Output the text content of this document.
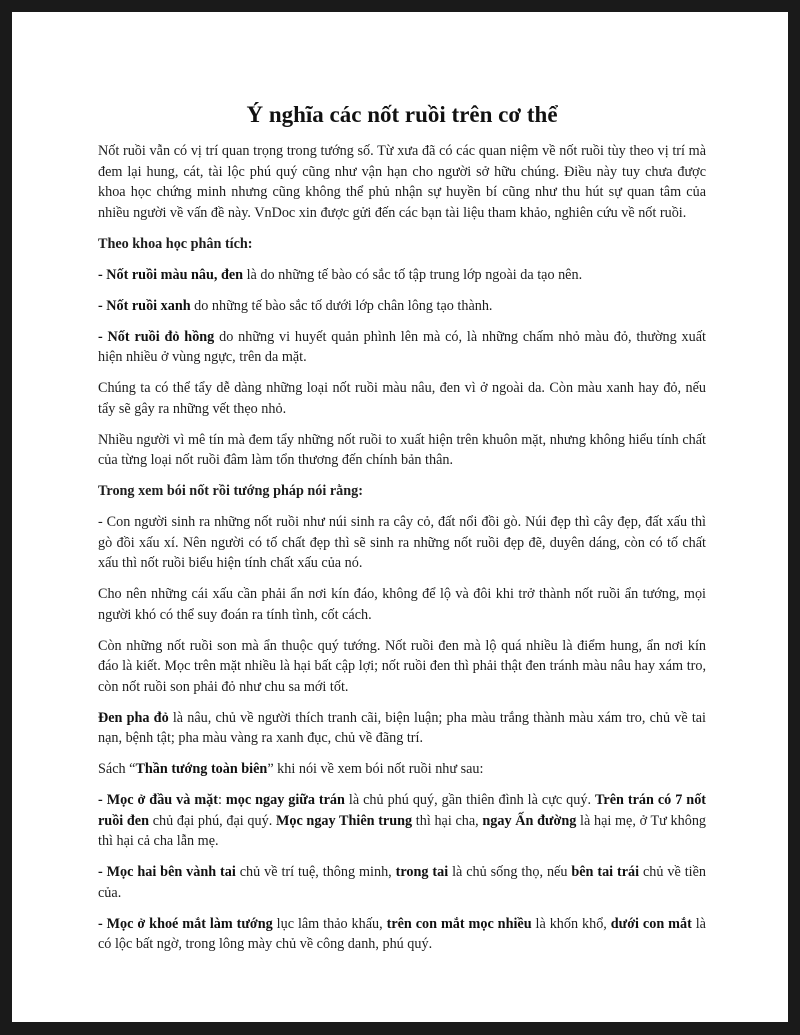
Ý nghĩa các nốt ruồi trên cơ thể

Nốt ruồi vẫn có vị trí quan trọng trong tướng số. Từ xưa đã có các quan niệm về nốt ruồi tùy theo vị trí mà đem lại hung, cát, tài lộc phú quý cũng như vận hạn cho người sở hữu chúng. Điều này tuy chưa được khoa học chứng minh nhưng cũng không thể phủ nhận sự huyền bí cũng như thu hút sự quan tâm của nhiều người về vấn đề này. VnDoc xin được gửi đến các bạn tài liệu tham khảo, nghiên cứu về nốt ruồi.

Theo khoa học phân tích:

- Nốt ruồi màu nâu, đen là do những tế bào có sắc tố tập trung lớp ngoài da tạo nên.

- Nốt ruồi xanh do những tế bào sắc tố dưới lớp chân lông tạo thành.

- Nốt ruồi đỏ hồng do những vi huyết quản phình lên mà có, là những chấm nhỏ màu đỏ, thường xuất hiện nhiều ở vùng ngực, trên da mặt.

Chúng ta có thể tẩy dễ dàng những loại nốt ruồi màu nâu, đen vì ở ngoài da. Còn màu xanh hay đỏ, nếu tẩy sẽ gây ra những vết thẹo nhỏ.

Nhiều người vì mê tín mà đem tẩy những nốt ruồi to xuất hiện trên khuôn mặt, nhưng không hiểu tính chất của từng loại nốt ruồi đâm làm tổn thương đến chính bản thân.

Trong xem bói nốt rồi tướng pháp nói rằng:

- Con người sinh ra những nốt ruồi như núi sinh ra cây cỏ, đất nổi đồi gò. Núi đẹp thì cây đẹp, đất xấu thì gò đồi xấu xí. Nên người có tố chất đẹp thì sẽ sinh ra những nốt ruồi đẹp đẽ, duyên dáng, còn có tố chất xấu thì nốt ruồi biểu hiện tính chất xấu của nó.

Cho nên những cái xấu cần phải ẩn nơi kín đáo, không để lộ và đôi khi trở thành nốt ruồi ẩn tướng, mọi người khó có thể suy đoán ra tính tình, cốt cách.

Còn những nốt ruồi son mà ẩn thuộc quý tướng. Nốt ruồi đen mà lộ quá nhiều là điểm hung, ẩn nơi kín đáo là kiết. Mọc trên mặt nhiều là hại bất cập lợi; nốt ruồi đen thì phải thật đen tránh màu nâu hay xám tro, còn nốt ruồi son phải đỏ như chu sa mới tốt.

Đen pha đỏ là nâu, chủ về người thích tranh cãi, biện luận; pha màu trắng thành màu xám tro, chủ về tai nạn, bệnh tật; pha màu vàng ra xanh đục, chủ về đãng trí.

Sách “Thần tướng toàn biên” khi nói về xem bói nốt ruồi như sau:

- Mọc ở đầu và mặt: mọc ngay giữa trán là chủ phú quý, gần thiên đình là cực quý. Trên trán có 7 nốt ruồi đen chủ đại phú, đại quý. Mọc ngay Thiên trung thì hại cha, ngay Ấn đường là hại mẹ, ở Tư không thì hại cả cha lẫn mẹ.

- Mọc hai bên vành tai chủ về trí tuệ, thông minh, trong tai là chủ sống thọ, nếu bên tai trái chủ về tiền của.

- Mọc ở khoé mắt làm tướng lục lâm thảo khấu, trên con mắt mọc nhiều là khốn khổ, dưới con mắt là có lộc bất ngờ, trong lông mày chủ về công danh, phú quý.
